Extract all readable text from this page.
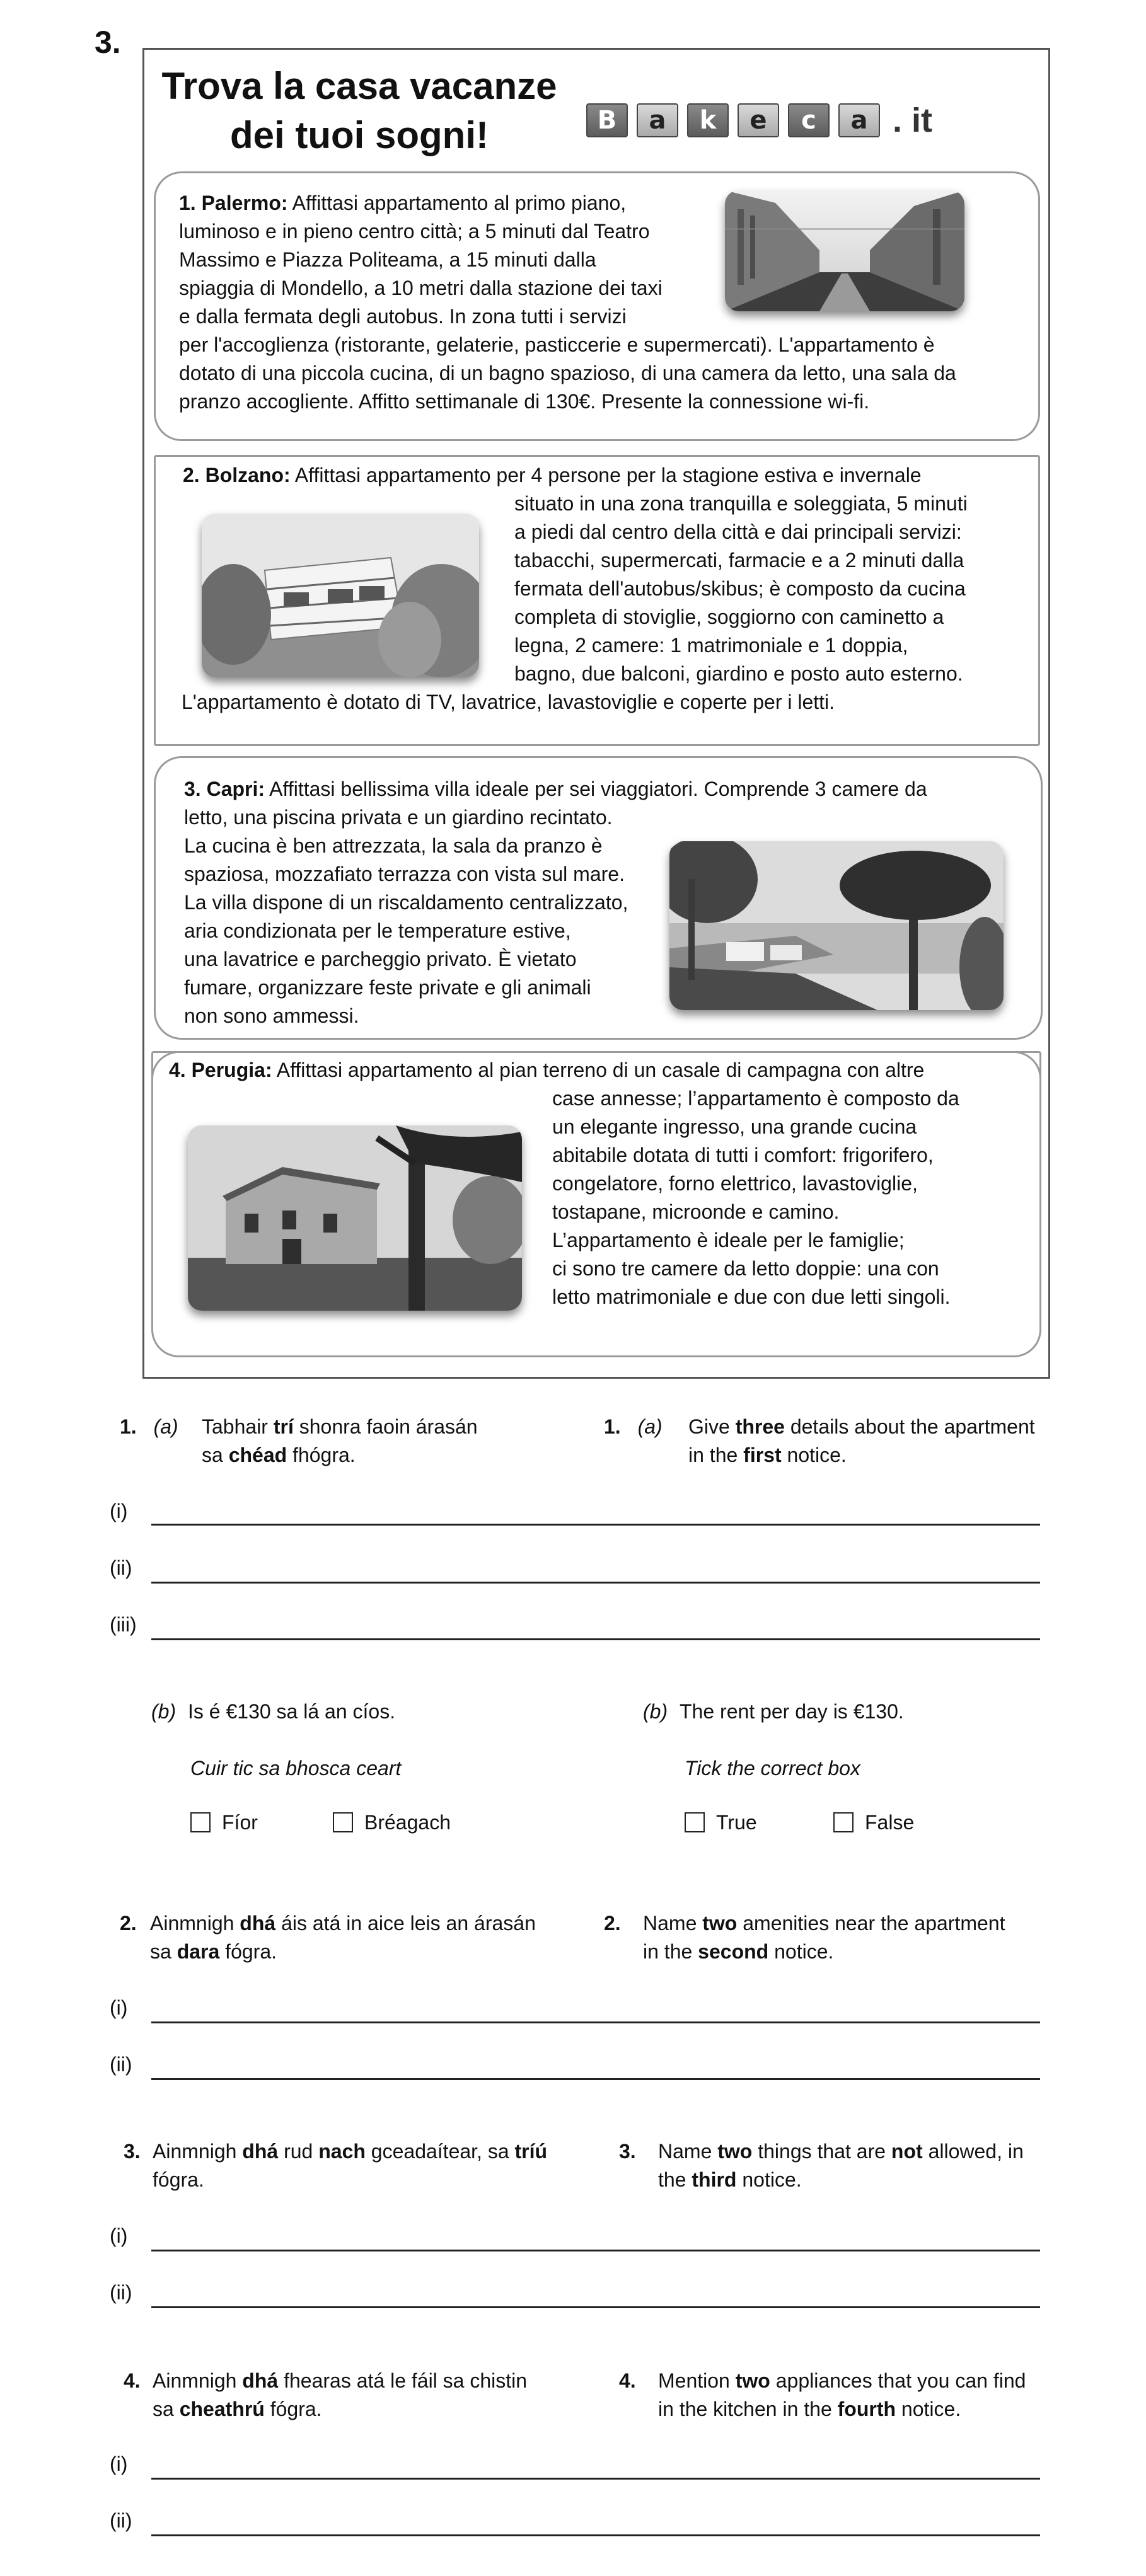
3.
Trova la casa vacanze
dei tuoi sogni!	B	a	k	e	c	a . it
1. Palermo: Affittasi appartamento al primo piano,
luminoso e in pieno centro città; a 5 minuti dal Teatro
Massimo e Piazza Politeama, a 15 minuti dalla
spiaggia di Mondello, a 10 metri dalla stazione dei taxi
e dalla fermata degli autobus. In zona tutti i servizi
per l'accoglienza (ristorante, gelaterie, pasticcerie e supermercati). L'appartamento è
dotato di una piccola cucina, di un bagno spazioso, di una camera da letto, una sala da
pranzo accogliente. Affitto settimanale di 130€. Presente la connessione wi-fi.
2. Bolzano: Affittasi appartamento per 4 persone per la stagione estiva e invernale
situato in una zona tranquilla e soleggiata, 5 minuti
a piedi dal centro della città e dai principali servizi:
tabacchi, supermercati, farmacie e a 2 minuti dalla
fermata dell'autobus/skibus; è composto da cucina
completa di stoviglie, soggiorno con caminetto a
legna, 2 camere: 1 matrimoniale e 1 doppia,
bagno, due balconi, giardino e posto auto esterno.
L'appartamento è dotato di TV, lavatrice, lavastoviglie e coperte per i letti.
3. Capri: Affittasi bellissima villa ideale per sei viaggiatori. Comprende 3 camere da
letto, una piscina privata e un giardino recintato.
La cucina è ben attrezzata, la sala da pranzo è
spaziosa, mozzafiato terrazza con vista sul mare.
La villa dispone di un riscaldamento centralizzato,
aria condizionata per le temperature estive,
una lavatrice e parcheggio privato. È vietato
fumare, organizzare feste private e gli animali
non sono ammessi.
4. Perugia: Affittasi appartamento al pian terreno di un casale di campagna con altre
case annesse; l’appartamento è composto da
un elegante ingresso, una grande cucina
abitabile dotata di tutti i comfort: frigorifero,
congelatore, forno elettrico, lavastoviglie,
tostapane, microonde e camino.
L’appartamento è ideale per le famiglie;
ci sono tre camere da letto doppie: una con
letto matrimoniale e due con due letti singoli.
1. (a) Tabhair trí shonra faoin árasán
sa chéad fhógra.
1. (a) Give three details about the apartment
in the first notice.
(i)
(ii)
(iii)
(b) Is é €130 sa lá an cíos.	(b) The rent per day is €130.
Cuir tic sa bhosca ceart	Tick the correct box
Fíor	Bréagach	True	False
2. Ainmnigh dhá áis atá in aice leis an árasán
sa dara fógra.
2. Name two amenities near the apartment
in the second notice.
(i)
(ii)
3. Ainmnigh dhá rud nach gceadaítear, sa tríú
fógra.
3. Name two things that are not allowed, in
the third notice.
(i)
(ii)
4. Ainmnigh dhá fhearas atá le fáil sa chistin
sa cheathrú fógra.
4. Mention two appliances that you can find
in the kitchen in the fourth notice.
(i)
(ii)
